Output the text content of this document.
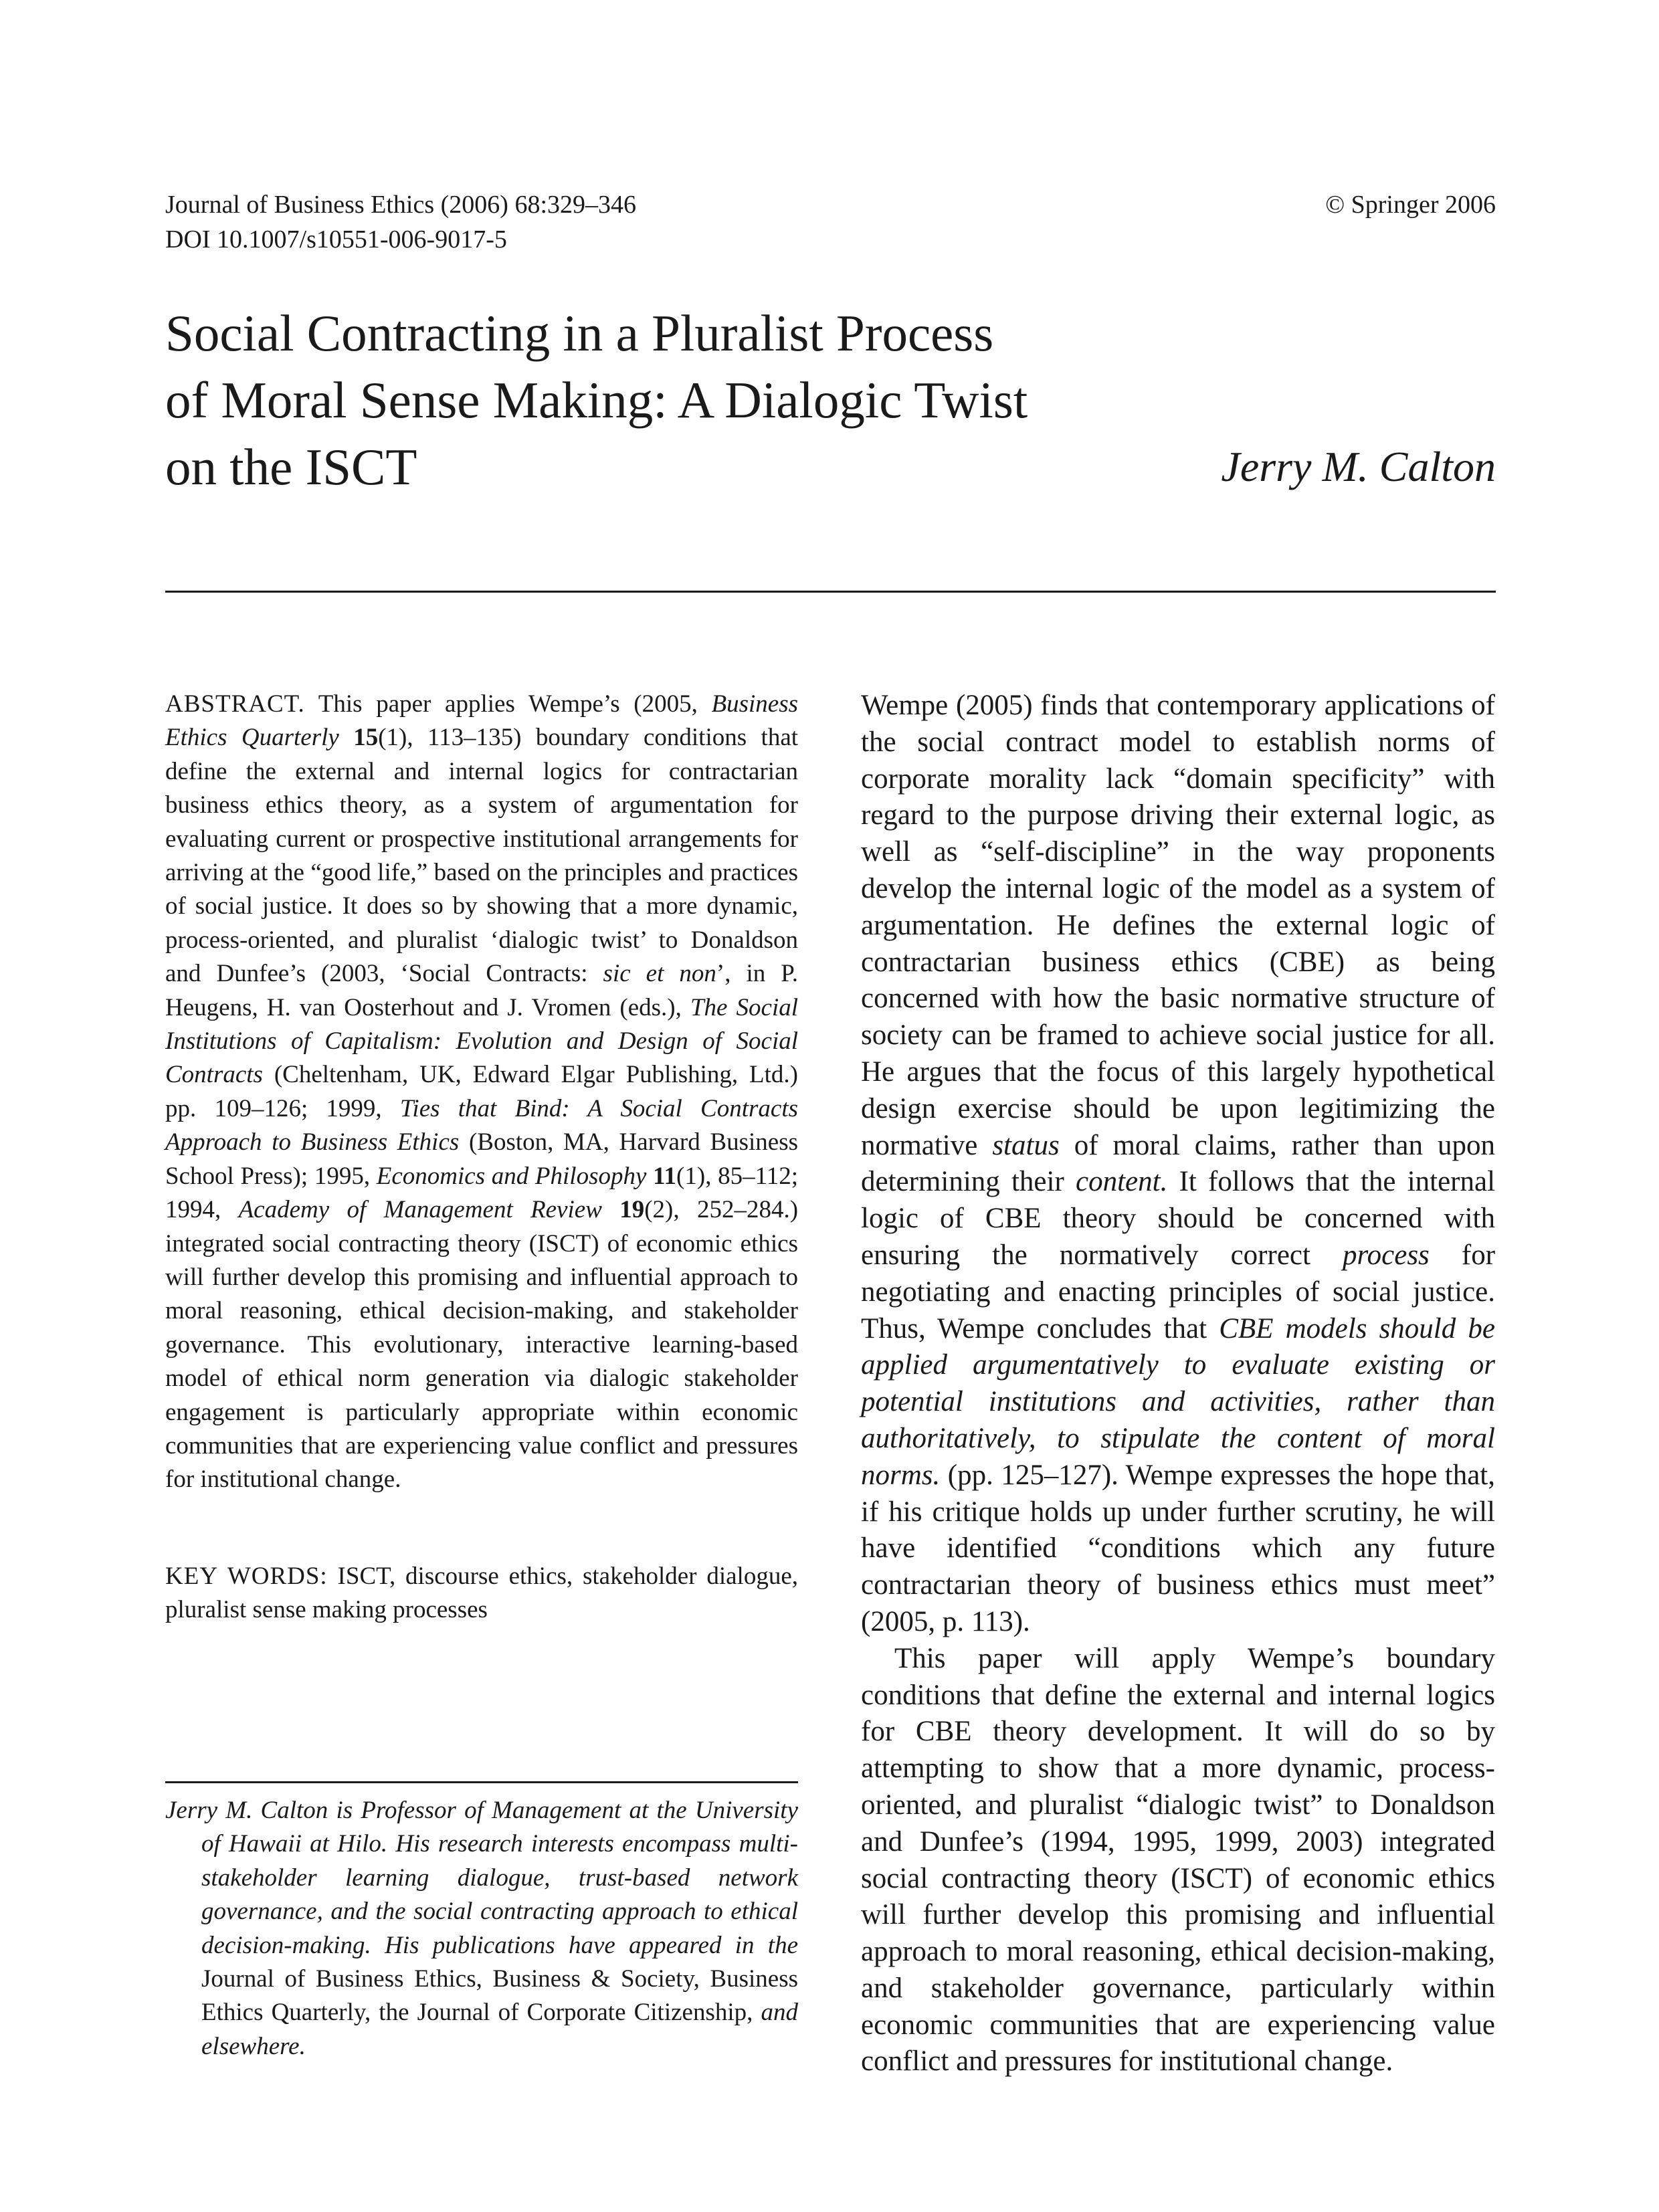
Journal of Business Ethics (2006) 68:329–346
DOI 10.1007/s10551-006-9017-5
© Springer 2006
Social Contracting in a Pluralist Process
of Moral Sense Making: A Dialogic Twist
on the ISCT	Jerry M. Calton

ABSTRACT. This paper applies Wempe’s (2005, Business Ethics Quarterly 15(1), 113–135) boundary conditions that define the external and internal logics for contractarian business ethics theory, as a system of argumentation for evaluating current or prospective institutional arrangements for arriving at the “good life,” based on the principles and practices of social justice. It does so by showing that a more dynamic, process-oriented, and pluralist ‘dialogic twist’ to Donaldson and Dunfee’s (2003, ‘Social Contracts: sic et non’, in P. Heugens, H. van Oosterhout and J. Vromen (eds.), The Social Institutions of Capitalism: Evolution and Design of Social Contracts (Cheltenham, UK, Edward Elgar Publishing, Ltd.) pp. 109–126; 1999, Ties that Bind: A Social Contracts Approach to Business Ethics (Boston, MA, Harvard Business School Press); 1995, Economics and Philosophy 11(1), 85–112; 1994, Academy of Management Review 19(2), 252–284.) integrated social contracting theory (ISCT) of economic ethics will further develop this promising and influential approach to moral reasoning, ethical decision-making, and stakeholder governance. This evolutionary, interactive learning-based model of ethical norm generation via dialogic stakeholder engagement is particularly appropriate within economic communities that are experiencing value conflict and pressures for institutional change.

KEY WORDS: ISCT, discourse ethics, stakeholder dialogue, pluralist sense making processes

Jerry M. Calton is Professor of Management at the University of Hawaii at Hilo. His research interests encompass multi-stakeholder learning dialogue, trust-based network governance, and the social contracting approach to ethical decision-making. His publications have appeared in the Journal of Business Ethics, Business & Society, Business Ethics Quarterly, the Journal of Corporate Citizenship, and elsewhere.

Wempe (2005) finds that contemporary applications of the social contract model to establish norms of corporate morality lack “domain specificity” with regard to the purpose driving their external logic, as well as “self-discipline” in the way proponents develop the internal logic of the model as a system of argumentation. He defines the external logic of contractarian business ethics (CBE) as being concerned with how the basic normative structure of society can be framed to achieve social justice for all. He argues that the focus of this largely hypothetical design exercise should be upon legitimizing the normative status of moral claims, rather than upon determining their content. It follows that the internal logic of CBE theory should be concerned with ensuring the normatively correct process for negotiating and enacting principles of social justice. Thus, Wempe concludes that CBE models should be applied argumentatively to evaluate existing or potential institutions and activities, rather than authoritatively, to stipulate the content of moral norms. (pp. 125–127). Wempe expresses the hope that, if his critique holds up under further scrutiny, he will have identified “conditions which any future contractarian theory of business ethics must meet” (2005, p. 113).

This paper will apply Wempe’s boundary conditions that define the external and internal logics for CBE theory development. It will do so by attempting to show that a more dynamic, process-oriented, and pluralist “dialogic twist” to Donaldson and Dunfee’s (1994, 1995, 1999, 2003) integrated social contracting theory (ISCT) of economic ethics will further develop this promising and influential approach to moral reasoning, ethical decision-making, and stakeholder governance, particularly within economic communities that are experiencing value conflict and pressures for institutional change.
